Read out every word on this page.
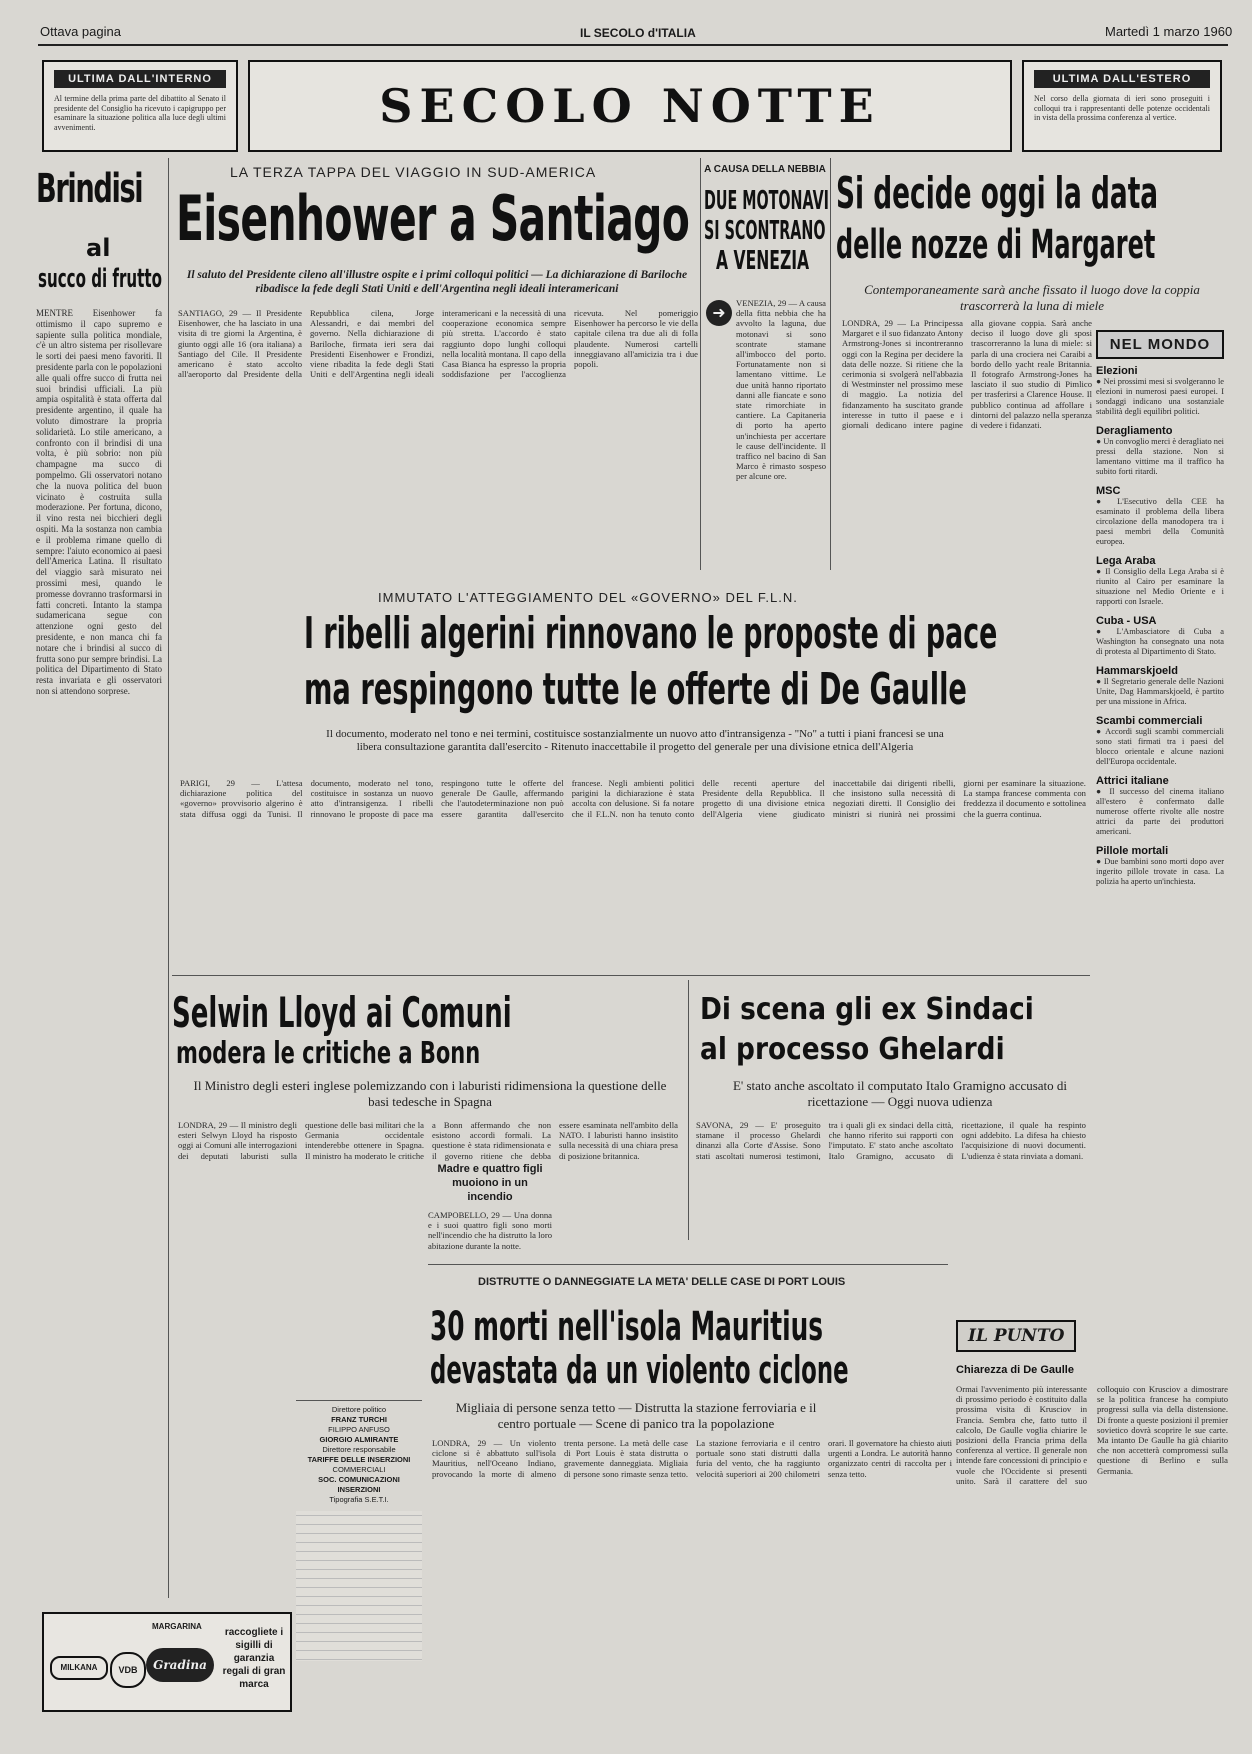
Ottava pagina	IL SECOLO d'ITALIA	Martedì 1 marzo 1960
ULTIMA DALL'INTERNO
Al termine della prima parte del dibattito al Senato il presidente del Consiglio ha ricevuto i capigruppo per esaminare la situazione politica alla luce degli ultimi avvenimenti.	SECOLO NOTTE	ULTIMA DALL'ESTERO
Nel corso della giornata di ieri sono proseguiti i colloqui tra i rappresentanti delle potenze occidentali in vista della prossima conferenza al vertice.
Brindisi
al
succo di frutto
MENTRE Eisenhower fa ottimismo il capo supremo e sapiente sulla politica mondiale, c'è un altro sistema per risollevare le sorti dei paesi meno favoriti. Il presidente parla con le popolazioni alle quali offre succo di frutta nei suoi brindisi ufficiali. La più ampia ospitalità è stata offerta dal presidente argentino, il quale ha voluto dimostrare la propria solidarietà. Lo stile americano, a confronto con il brindisi di una volta, è più sobrio: non più champagne ma succo di pompelmo. Gli osservatori notano che la nuova politica del buon vicinato è costruita sulla moderazione. Per fortuna, dicono, il vino resta nei bicchieri degli ospiti. Ma la sostanza non cambia e il problema rimane quello di sempre: l'aiuto economico ai paesi dell'America Latina. Il risultato del viaggio sarà misurato nei prossimi mesi, quando le promesse dovranno trasformarsi in fatti concreti. Intanto la stampa sudamericana segue con attenzione ogni gesto del presidente, e non manca chi fa notare che i brindisi al succo di frutta sono pur sempre brindisi. La politica del Dipartimento di Stato resta invariata e gli osservatori non si attendono sorprese.
LA TERZA TAPPA DEL VIAGGIO IN SUD-AMERICA
Eisenhower a Santiago
Il saluto del Presidente cileno all'illustre ospite e i primi colloqui politici — La dichiarazione di Bariloche ribadisce la fede degli Stati Uniti e dell'Argentina negli ideali interamericani
SANTIAGO, 29 — Il Presidente Eisenhower, che ha lasciato in una visita di tre giorni la Argentina, è giunto oggi alle 16 (ora italiana) a Santiago del Cile. Il Presidente americano è stato accolto all'aeroporto dal Presidente della Repubblica cilena, Jorge Alessandri, e dai membri del governo. Nella dichiarazione di Bariloche, firmata ieri sera dai Presidenti Eisenhower e Frondizi, viene ribadita la fede degli Stati Uniti e dell'Argentina negli ideali interamericani e la necessità di una cooperazione economica sempre più stretta. L'accordo è stato raggiunto dopo lunghi colloqui nella località montana. Il capo della Casa Bianca ha espresso la propria soddisfazione per l'accoglienza ricevuta. Nel pomeriggio Eisenhower ha percorso le vie della capitale cilena tra due ali di folla plaudente. Numerosi cartelli inneggiavano all'amicizia tra i due popoli.
A CAUSA DELLA NEBBIA
DUE MOTONAVI
SI SCONTRANO
A VENEZIA
➜	VENEZIA, 29 — A causa della fitta nebbia che ha avvolto la laguna, due motonavi si sono scontrate stamane all'imbocco del porto. Fortunatamente non si lamentano vittime. Le due unità hanno riportato danni alle fiancate e sono state rimorchiate in cantiere. La Capitaneria di porto ha aperto un'inchiesta per accertare le cause dell'incidente. Il traffico nel bacino di San Marco è rimasto sospeso per alcune ore.
Si decide oggi la data
delle nozze di Margaret
Contemporaneamente sarà anche fissato il luogo dove la coppia trascorrerà la luna di miele
LONDRA, 29 — La Principessa Margaret e il suo fidanzato Antony Armstrong-Jones si incontreranno oggi con la Regina per decidere la data delle nozze. Si ritiene che la cerimonia si svolgerà nell'abbazia di Westminster nel prossimo mese di maggio. La notizia del fidanzamento ha suscitato grande interesse in tutto il paese e i giornali dedicano intere pagine alla giovane coppia. Sarà anche deciso il luogo dove gli sposi trascorreranno la luna di miele: si parla di una crociera nei Caraibi a bordo dello yacht reale Britannia. Il fotografo Armstrong-Jones ha lasciato il suo studio di Pimlico per trasferirsi a Clarence House. Il pubblico continua ad affollare i dintorni del palazzo nella speranza di vedere i fidanzati.
NEL MONDO
Elezioni
● Nei prossimi mesi si svolgeranno le elezioni in numerosi paesi europei. I sondaggi indicano una sostanziale stabilità degli equilibri politici.
Deragliamento
● Un convoglio merci è deragliato nei pressi della stazione. Non si lamentano vittime ma il traffico ha subito forti ritardi.
MSC
● L'Esecutivo della CEE ha esaminato il problema della libera circolazione della manodopera tra i paesi membri della Comunità europea.
Lega Araba
● Il Consiglio della Lega Araba si è riunito al Cairo per esaminare la situazione nel Medio Oriente e i rapporti con Israele.
Cuba - USA
● L'Ambasciatore di Cuba a Washington ha consegnato una nota di protesta al Dipartimento di Stato.
Hammarskjoeld
● Il Segretario generale delle Nazioni Unite, Dag Hammarskjoeld, è partito per una missione in Africa.
Scambi commerciali
● Accordi sugli scambi commerciali sono stati firmati tra i paesi del blocco orientale e alcune nazioni dell'Europa occidentale.
Attrici italiane
● Il successo del cinema italiano all'estero è confermato dalle numerose offerte rivolte alle nostre attrici da parte dei produttori americani.
Pillole mortali
● Due bambini sono morti dopo aver ingerito pillole trovate in casa. La polizia ha aperto un'inchiesta.
IMMUTATO L'ATTEGGIAMENTO DEL «GOVERNO» DEL F.L.N.
I ribelli algerini rinnovano le proposte di pace
ma respingono tutte le offerte di De Gaulle
Il documento, moderato nel tono e nei termini, costituisce sostanzialmente un nuovo atto d'intransigenza - "No" a tutti i piani francesi se una libera consultazione garantita dall'esercito - Ritenuto inaccettabile il progetto del generale per una divisione etnica dell'Algeria
PARIGI, 29 — L'attesa dichiarazione politica del «governo» provvisorio algerino è stata diffusa oggi da Tunisi. Il documento, moderato nel tono, costituisce in sostanza un nuovo atto d'intransigenza. I ribelli rinnovano le proposte di pace ma respingono tutte le offerte del generale De Gaulle, affermando che l'autodeterminazione non può essere garantita dall'esercito francese. Negli ambienti politici parigini la dichiarazione è stata accolta con delusione. Si fa notare che il F.L.N. non ha tenuto conto delle recenti aperture del Presidente della Repubblica. Il progetto di una divisione etnica dell'Algeria viene giudicato inaccettabile dai dirigenti ribelli, che insistono sulla necessità di negoziati diretti. Il Consiglio dei ministri si riunirà nei prossimi giorni per esaminare la situazione. La stampa francese commenta con freddezza il documento e sottolinea che la guerra continua.
Selwin Lloyd ai Comuni
modera le critiche a Bonn
Il Ministro degli esteri inglese polemizzando con i laburisti ridimensiona la questione delle basi tedesche in Spagna
LONDRA, 29 — Il ministro degli esteri Selwyn Lloyd ha risposto oggi ai Comuni alle interrogazioni dei deputati laburisti sulla questione delle basi militari che la Germania occidentale intenderebbe ottenere in Spagna. Il ministro ha moderato le critiche a Bonn affermando che non esistono accordi formali. La questione è stata ridimensionata e il governo ritiene che debba essere esaminata nell'ambito della NATO. I laburisti hanno insistito sulla necessità di una chiara presa di posizione britannica.
Madre e quattro figli muoiono in un incendio
CAMPOBELLO, 29 — Una donna e i suoi quattro figli sono morti nell'incendio che ha distrutto la loro abitazione durante la notte.
Di scena gli ex Sindaci
al processo Ghelardi
E' stato anche ascoltato il computato Italo Gramigno accusato di ricettazione — Oggi nuova udienza
SAVONA, 29 — E' proseguito stamane il processo Ghelardi dinanzi alla Corte d'Assise. Sono stati ascoltati numerosi testimoni, tra i quali gli ex sindaci della città, che hanno riferito sui rapporti con l'imputato. E' stato anche ascoltato Italo Gramigno, accusato di ricettazione, il quale ha respinto ogni addebito. La difesa ha chiesto l'acquisizione di nuovi documenti. L'udienza è stata rinviata a domani.
Direttore politico
FRANZ TURCHI
FILIPPO ANFUSO
GIORGIO ALMIRANTE
Direttore responsabile
TARIFFE DELLE INSERZIONI
COMMERCIALI
SOC. COMUNICAZIONI INSERZIONI
Tipografia S.E.T.I.
DISTRUTTE O DANNEGGIATE LA META' DELLE CASE DI PORT LOUIS
30 morti nell'isola Mauritius
devastata da un violento ciclone
Migliaia di persone senza tetto — Distrutta la stazione ferroviaria e il centro portuale — Scene di panico tra la popolazione
LONDRA, 29 — Un violento ciclone si è abbattuto sull'isola Mauritius, nell'Oceano Indiano, provocando la morte di almeno trenta persone. La metà delle case di Port Louis è stata distrutta o gravemente danneggiata. Migliaia di persone sono rimaste senza tetto. La stazione ferroviaria e il centro portuale sono stati distrutti dalla furia del vento, che ha raggiunto velocità superiori ai 200 chilometri orari. Il governatore ha chiesto aiuti urgenti a Londra. Le autorità hanno organizzato centri di raccolta per i senza tetto.
IL PUNTO
Chiarezza di De Gaulle
Ormai l'avvenimento più interessante di prossimo periodo è costituito dalla prossima visita di Krusciov in Francia. Sembra che, fatto tutto il calcolo, De Gaulle voglia chiarire le posizioni della Francia prima della conferenza al vertice. Il generale non intende fare concessioni di principio e vuole che l'Occidente si presenti unito. Sarà il carattere del suo colloquio con Krusciov a dimostrare se la politica francese ha compiuto progressi sulla via della distensione. Di fronte a queste posizioni il premier sovietico dovrà scoprire le sue carte. Ma intanto De Gaulle ha già chiarito che non accetterà compromessi sulla questione di Berlino e sulla Germania.
MILKANA	VDB
MARGARINA
Gradina
raccogliete i sigilli di garanzia regali di gran marca
